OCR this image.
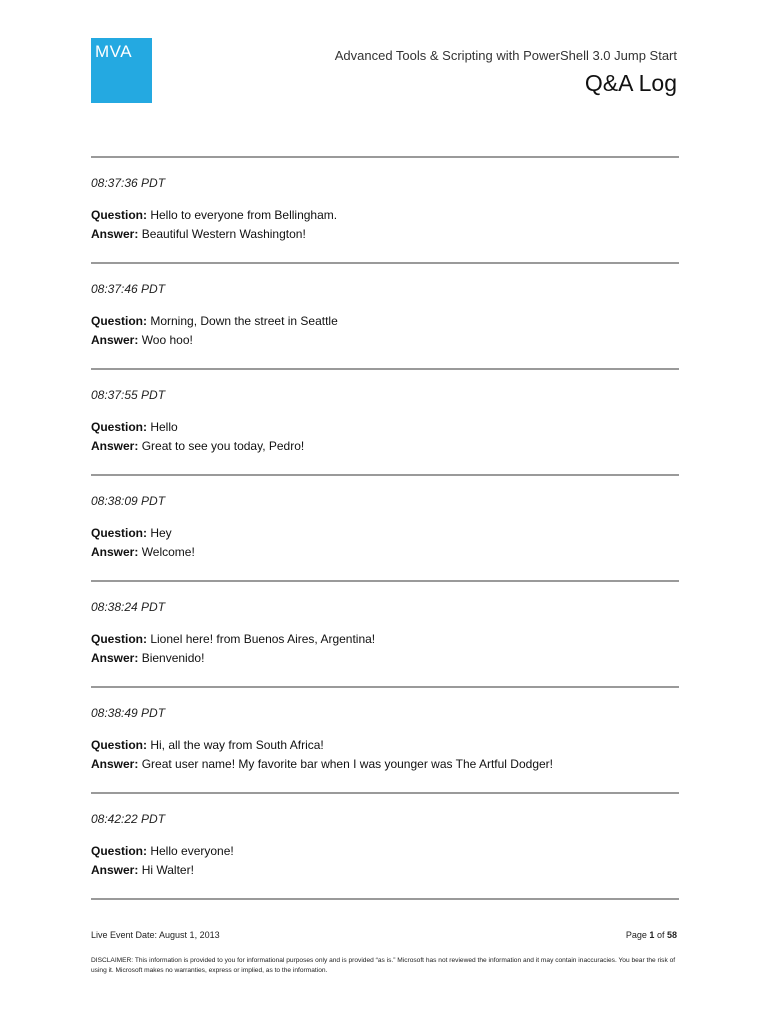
MVA	Advanced Tools & Scripting with PowerShell 3.0 Jump Start
Q&A Log
08:37:36 PDT
Question: Hello to everyone from Bellingham.
Answer: Beautiful Western Washington!
08:37:46 PDT
Question: Morning, Down the street in Seattle
Answer: Woo hoo!
08:37:55 PDT
Question: Hello
Answer: Great to see you today, Pedro!
08:38:09 PDT
Question: Hey
Answer: Welcome!
08:38:24 PDT
Question: Lionel here! from Buenos Aires, Argentina!
Answer: Bienvenido!
08:38:49 PDT
Question: Hi, all the way from South Africa!
Answer: Great user name! My favorite bar when I was younger was The Artful Dodger!
08:42:22 PDT
Question: Hello everyone!
Answer: Hi Walter!
Live Event Date: August 1, 2013	Page 1 of 58
DISCLAIMER: This information is provided to you for informational purposes only and is provided “as is.” Microsoft has not reviewed the information and it may contain inaccuracies. You bear the risk of using it. Microsoft makes no warranties, express or implied, as to the information.
